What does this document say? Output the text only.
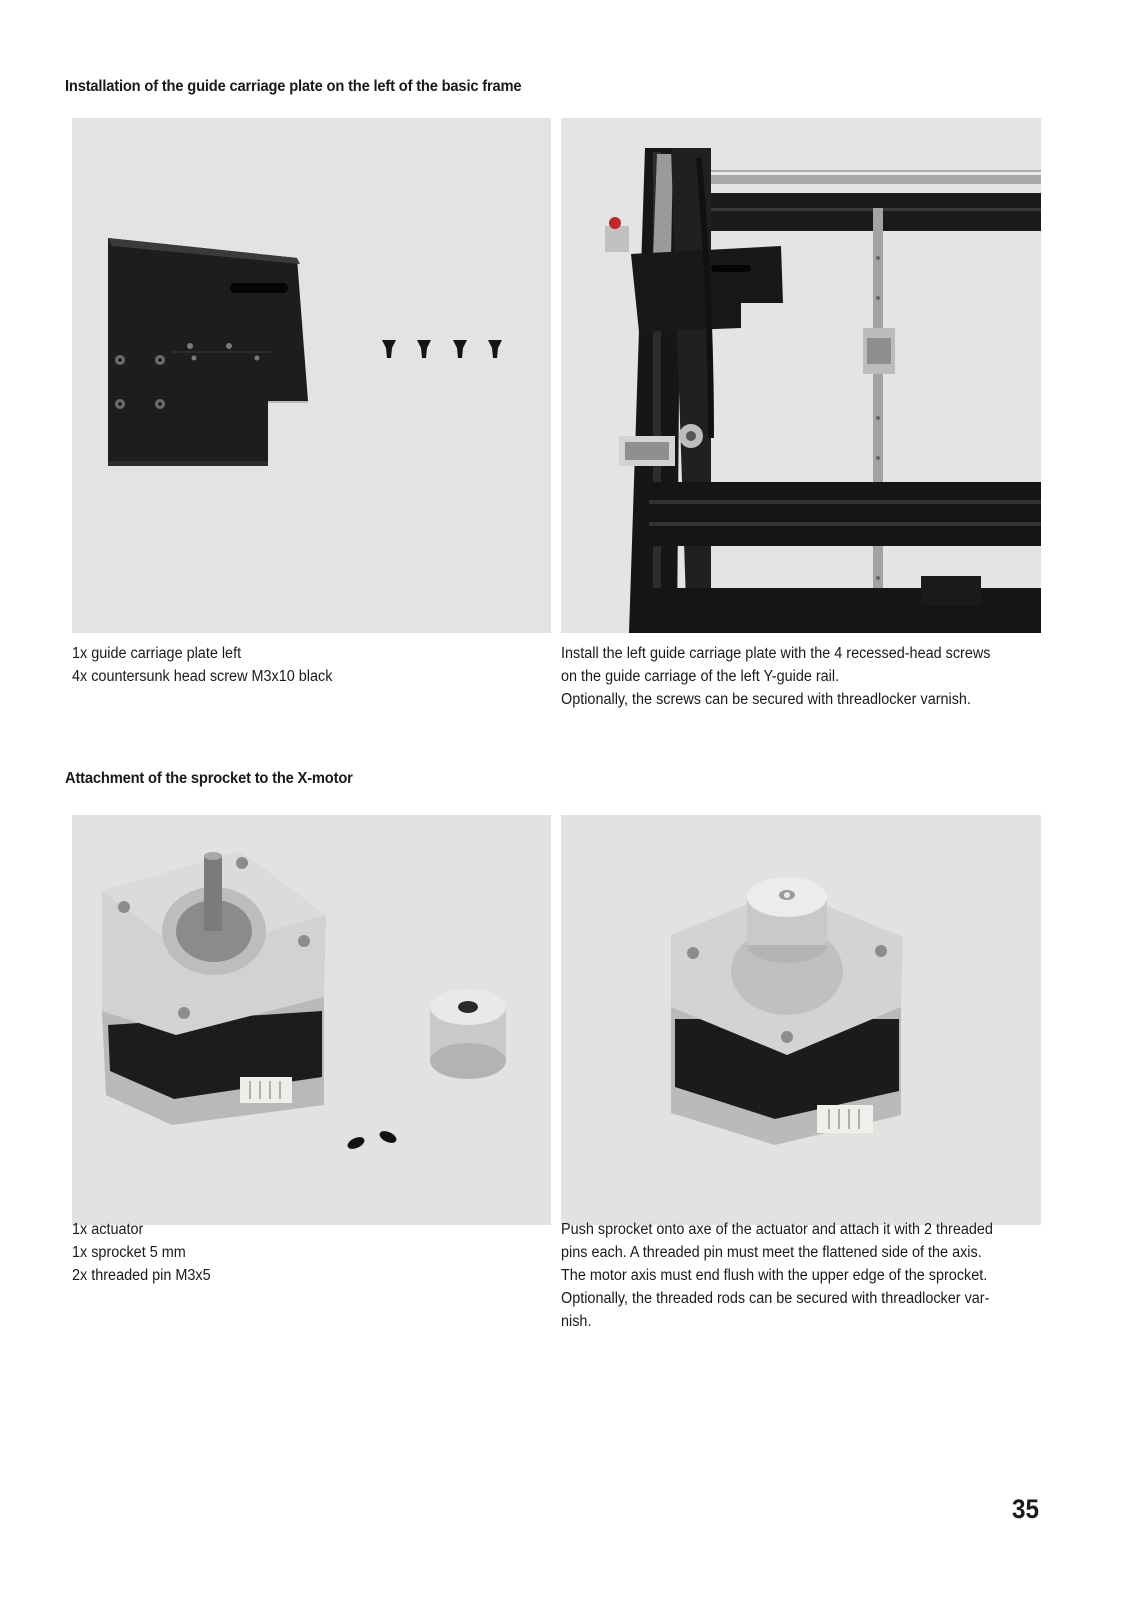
Installation of the guide carriage plate on the left of the basic frame
1x guide carriage plate left
4x countersunk head screw M3x10 black
Install the left guide carriage plate with the 4 recessed-head screws
on the guide carriage of the left Y-guide rail.
Optionally, the screws can be secured with threadlocker varnish.
Attachment of the sprocket to the X-motor
1x actuator
1x sprocket 5 mm
2x threaded pin M3x5
Push sprocket onto axe of the actuator and attach it with 2 threaded
pins each. A threaded pin must meet the flattened side of the axis.
The motor axis must end flush with the upper edge of the sprocket.
Optionally, the threaded rods can be secured with threadlocker var-
nish.
35
